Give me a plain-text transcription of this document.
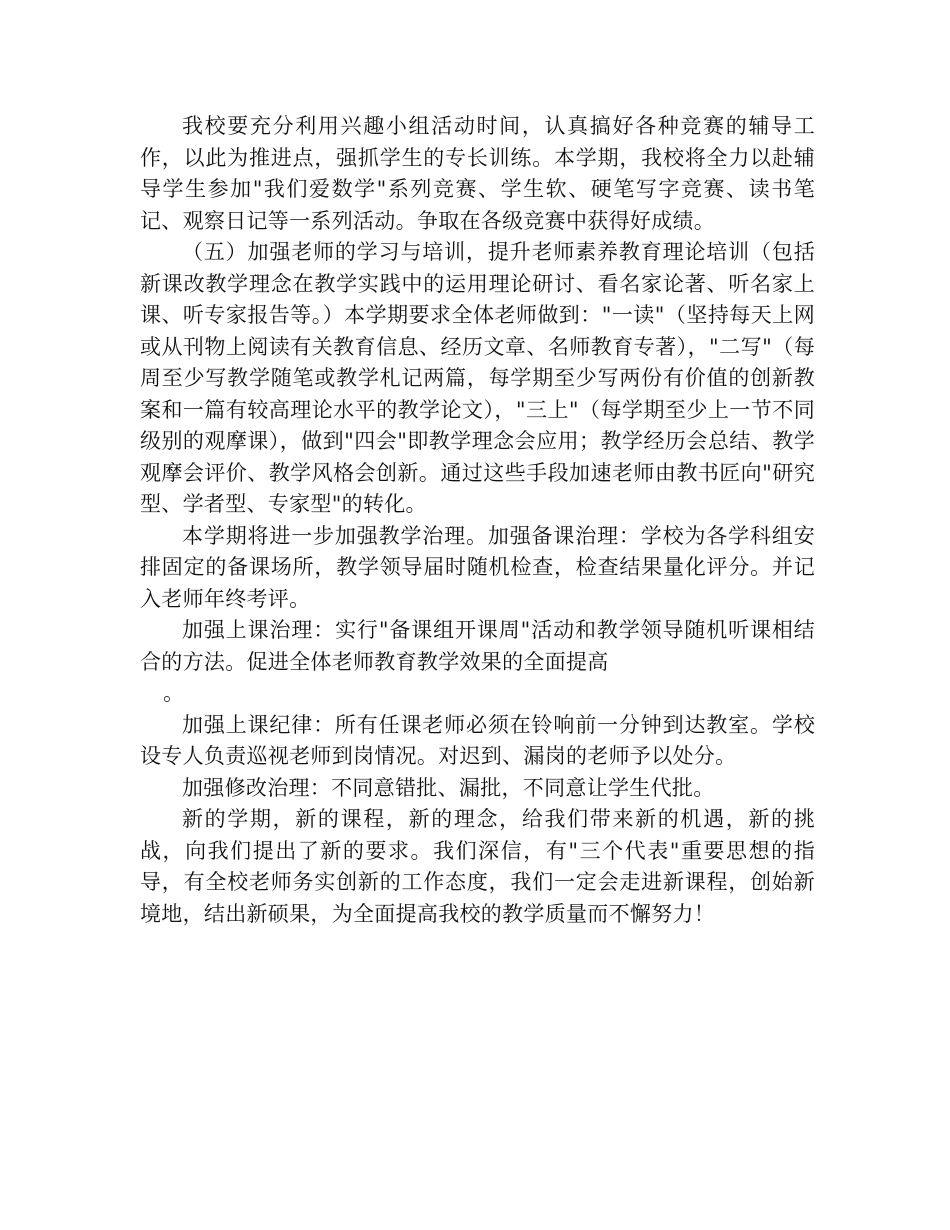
我校要充分利用兴趣小组活动时间，认真搞好各种竞赛的辅导工作，以此为推进点，强抓学生的专长训练。本学期，我校将全力以赴辅导学生参加"我们爱数学"系列竞赛、学生软、硬笔写字竞赛、读书笔记、观察日记等一系列活动。争取在各级竞赛中获得好成绩。

（五）加强老师的学习与培训，提升老师素养教育理论培训（包括新课改教学理念在教学实践中的运用理论研讨、看名家论著、听名家上课、听专家报告等。）本学期要求全体老师做到："一读"（坚持每天上网或从刊物上阅读有关教育信息、经历文章、名师教育专著），"二写"（每周至少写教学随笔或教学札记两篇，每学期至少写两份有价值的创新教案和一篇有较高理论水平的教学论文），"三上"（每学期至少上一节不同级别的观摩课），做到"四会"即教学理念会应用；教学经历会总结、教学观摩会评价、教学风格会创新。通过这些手段加速老师由教书匠向"研究型、学者型、专家型"的转化。

本学期将进一步加强教学治理。加强备课治理：学校为各学科组安排固定的备课场所，教学领导届时随机检查，检查结果量化评分。并记入老师年终考评。

加强上课治理：实行"备课组开课周"活动和教学领导随机听课相结合的方法。促进全体老师教育教学效果的全面提高

。

加强上课纪律：所有任课老师必须在铃响前一分钟到达教室。学校设专人负责巡视老师到岗情况。对迟到、漏岗的老师予以处分。

加强修改治理：不同意错批、漏批，不同意让学生代批。

新的学期，新的课程，新的理念，给我们带来新的机遇，新的挑战，向我们提出了新的要求。我们深信，有"三个代表"重要思想的指导，有全校老师务实创新的工作态度，我们一定会走进新课程，创始新境地，结出新硕果，为全面提高我校的教学质量而不懈努力！
